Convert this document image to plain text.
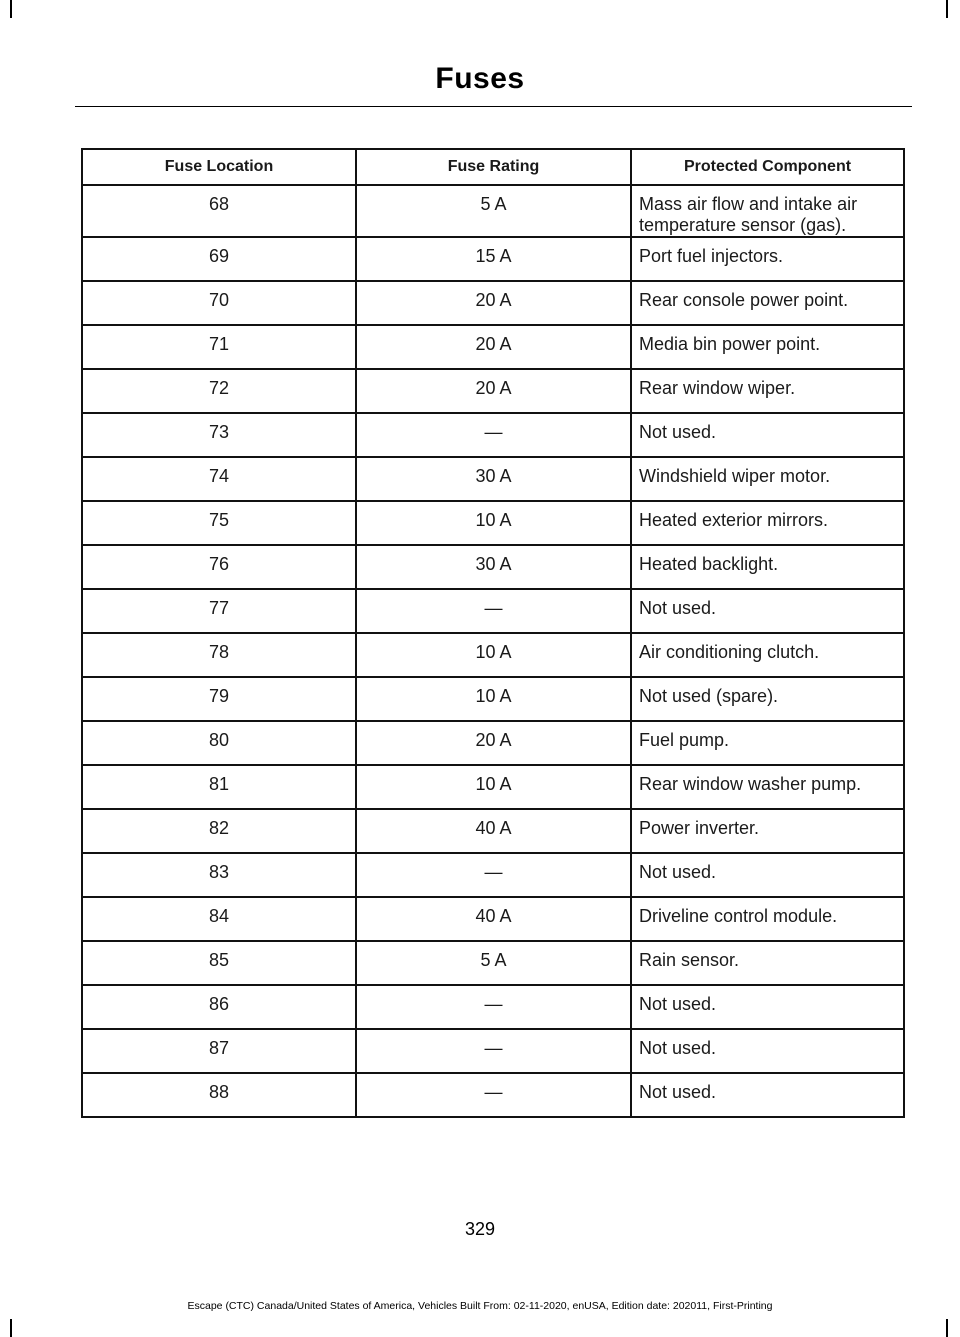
Fuses
Fuse Location	Fuse Rating	Protected Component
68	5 A	Mass air flow and intake air temperature sensor (gas).
69	15 A	Port fuel injectors.
70	20 A	Rear console power point.
71	20 A	Media bin power point.
72	20 A	Rear window wiper.
73	—	Not used.
74	30 A	Windshield wiper motor.
75	10 A	Heated exterior mirrors.
76	30 A	Heated backlight.
77	—	Not used.
78	10 A	Air conditioning clutch.
79	10 A	Not used (spare).
80	20 A	Fuel pump.
81	10 A	Rear window washer pump.
82	40 A	Power inverter.
83	—	Not used.
84	40 A	Driveline control module.
85	5 A	Rain sensor.
86	—	Not used.
87	—	Not used.
88	—	Not used.
329
Escape (CTC) Canada/United States of America, Vehicles Built From: 02-11-2020, enUSA, Edition date: 202011, First-Printing
